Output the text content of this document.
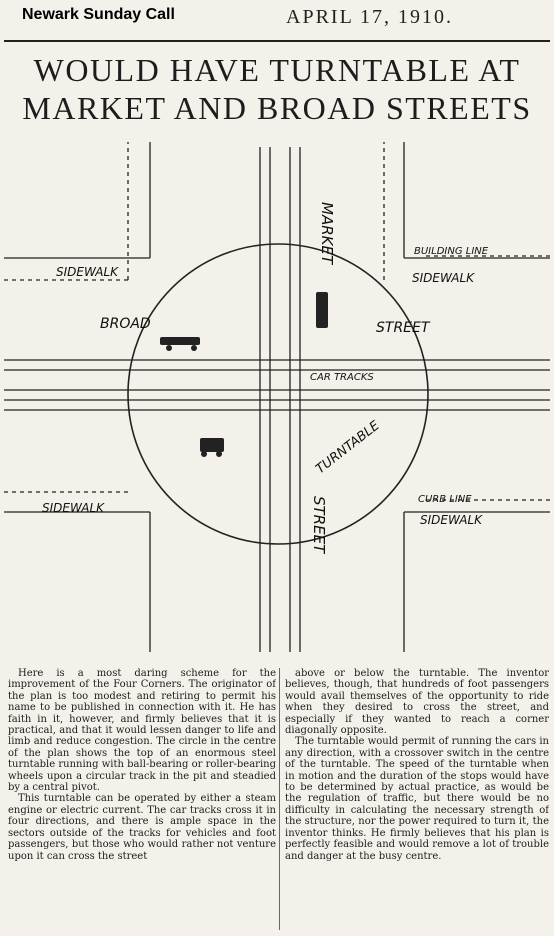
Newark Sunday Call	APRIL 17, 1910.
WOULD HAVE TURNTABLE AT
MARKET AND BROAD STREETS
MARKET
STREET
BROAD	STREET
CAR TRACKS
TURNTABLE
SIDEWALK	SIDEWALK
SIDEWALK
SIDEWALK
BUILDING LINE
CURB LINE

Here is a most daring scheme for the improvement of the Four Corners. The originator of the plan is too modest and retiring to permit his name to be published in connection with it. He has faith in it, however, and firmly believes that it is practical, and that it would lessen danger to life and limb and reduce congestion. The circle in the centre of the plan shows the top of an enormous steel turntable running with ball-bearing or roller-bearing wheels upon a circular track in the pit and steadied by a central pivot.

This turntable can be operated by either a steam engine or electric current. The car tracks cross it in four directions, and there is ample space in the sectors outside of the tracks for vehicles and foot passengers, but those who would rather not venture upon it can cross the street

above or below the turntable. The inventor believes, though, that hundreds of foot passengers would avail themselves of the opportunity to ride when they desired to cross the street, and especially if they wanted to reach a corner diagonally opposite.

The turntable would permit of running the cars in any direction, with a crossover switch in the centre of the turntable. The speed of the turntable when in motion and the duration of the stops would have to be determined by actual practice, as would be the regulation of traffic, but there would be no difficulty in calculating the necessary strength of the structure, nor the power required to turn it, the inventor thinks. He firmly believes that his plan is perfectly feasible and would remove a lot of trouble and danger at the busy centre.
